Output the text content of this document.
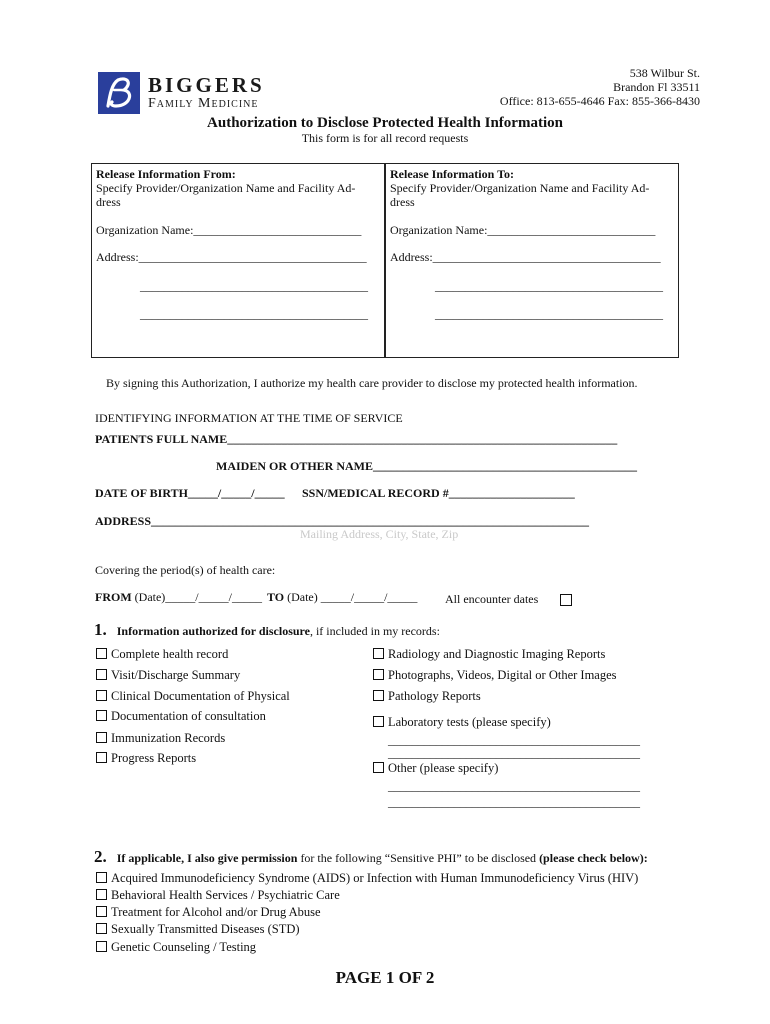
BIGGERS
Family Medicine
538 Wilbur St.
Brandon Fl 33511
Office: 813-655-4646 Fax: 855-366-8430
Authorization to Disclose Protected Health Information
This form is for all record requests
Release Information From:
Specify Provider/Organization Name and Facility Ad-dress
Organization Name:____________________________
Address:______________________________________
______________________________________
______________________________________
Release Information To:
Specify Provider/Organization Name and Facility Ad-dress
Organization Name:____________________________
Address:______________________________________
______________________________________
______________________________________
By signing this Authorization, I authorize my health care provider to disclose my protected health information.
IDENTIFYING INFORMATION AT THE TIME OF SERVICE
PATIENTS FULL NAME_________________________________________________________________
MAIDEN OR OTHER NAME____________________________________________
DATE OF BIRTH_____/_____/_____ SSN/MEDICAL RECORD #_____________________
ADDRESS_________________________________________________________________________
Mailing Address, City, State, Zip
Covering the period(s) of health care:
FROM (Date)_____/_____/_____ TO (Date) _____/_____/_____ All encounter dates
1. Information authorized for disclosure, if included in my records:
Complete health record
Visit/Discharge Summary
Clinical Documentation of Physical
Documentation of consultation
Immunization Records
Progress Reports
Radiology and Diagnostic Imaging Reports
Photographs, Videos, Digital or Other Images
Pathology Reports
Laboratory tests (please specify)
Other (please specify)
__________________________________________
__________________________________________
__________________________________________
__________________________________________
2. If applicable, I also give permission for the following “Sensitive PHI” to be disclosed (please check below):
Acquired Immunodeficiency Syndrome (AIDS) or Infection with Human Immunodeficiency Virus (HIV)
Behavioral Health Services / Psychiatric Care
Treatment for Alcohol and/or Drug Abuse
Sexually Transmitted Diseases (STD)
Genetic Counseling / Testing
PAGE 1 OF 2
